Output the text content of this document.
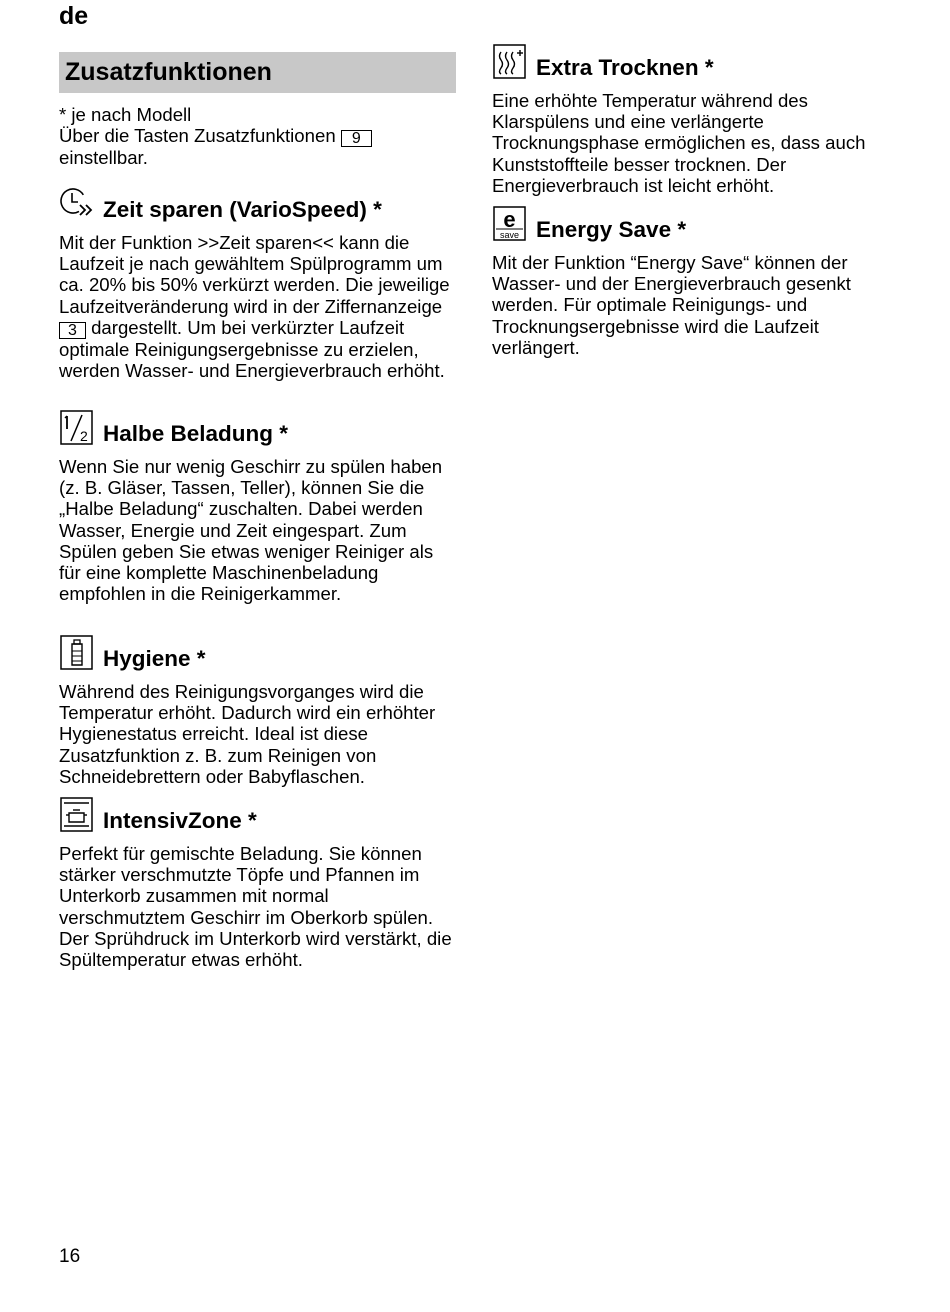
de
Zusatzfunktionen

* je nach Modell

Über die Tasten Zusatzfunktionen 9
einstellbar.

Zeit sparen (VarioSpeed) *

Mit der Funktion >>Zeit sparen<< kann die Laufzeit je nach gewähltem Spülprogramm um ca. 20% bis 50% verkürzt werden. Die jeweilige Laufzeitveränderung wird in der Ziffernanzeige 3 dargestellt. Um bei verkürzter Laufzeit optimale Reinigungsergebnisse zu erzielen, werden Wasser- und Energieverbrauch erhöht.

2 Halbe Beladung *

Wenn Sie nur wenig Geschirr zu spülen haben (z. B. Gläser, Tassen, Teller), können Sie die „Halbe Beladung“ zuschalten. Dabei werden Wasser, Energie und Zeit eingespart. Zum Spülen geben Sie etwas weniger Reiniger als für eine komplette Maschinenbeladung empfohlen in die Reinigerkammer.

Hygiene *

Während des Reinigungsvorganges wird die Temperatur erhöht. Dadurch wird ein erhöhter Hygienestatus erreicht. Ideal ist diese Zusatzfunktion z. B. zum Reinigen von Schneidebrettern oder Babyflaschen.

IntensivZone *

Perfekt für gemischte Beladung. Sie können stärker verschmutzte Töpfe und Pfannen im Unterkorb zusammen mit normal verschmutztem Geschirr im Oberkorb spülen. Der Sprühdruck im Unterkorb wird verstärkt, die Spültemperatur etwas erhöht.

Extra Trocknen *

Eine erhöhte Temperatur während des Klarspülens und eine verlängerte Trocknungsphase ermöglichen es, dass auch Kunststoffteile besser trocknen. Der Energieverbrauch ist leicht erhöht.

e
save Energy Save *

Mit der Funktion “Energy Save“ können der Wasser- und der Energieverbrauch gesenkt werden. Für optimale Reinigungs- und Trocknungsergebnisse wird die Laufzeit verlängert.

16
